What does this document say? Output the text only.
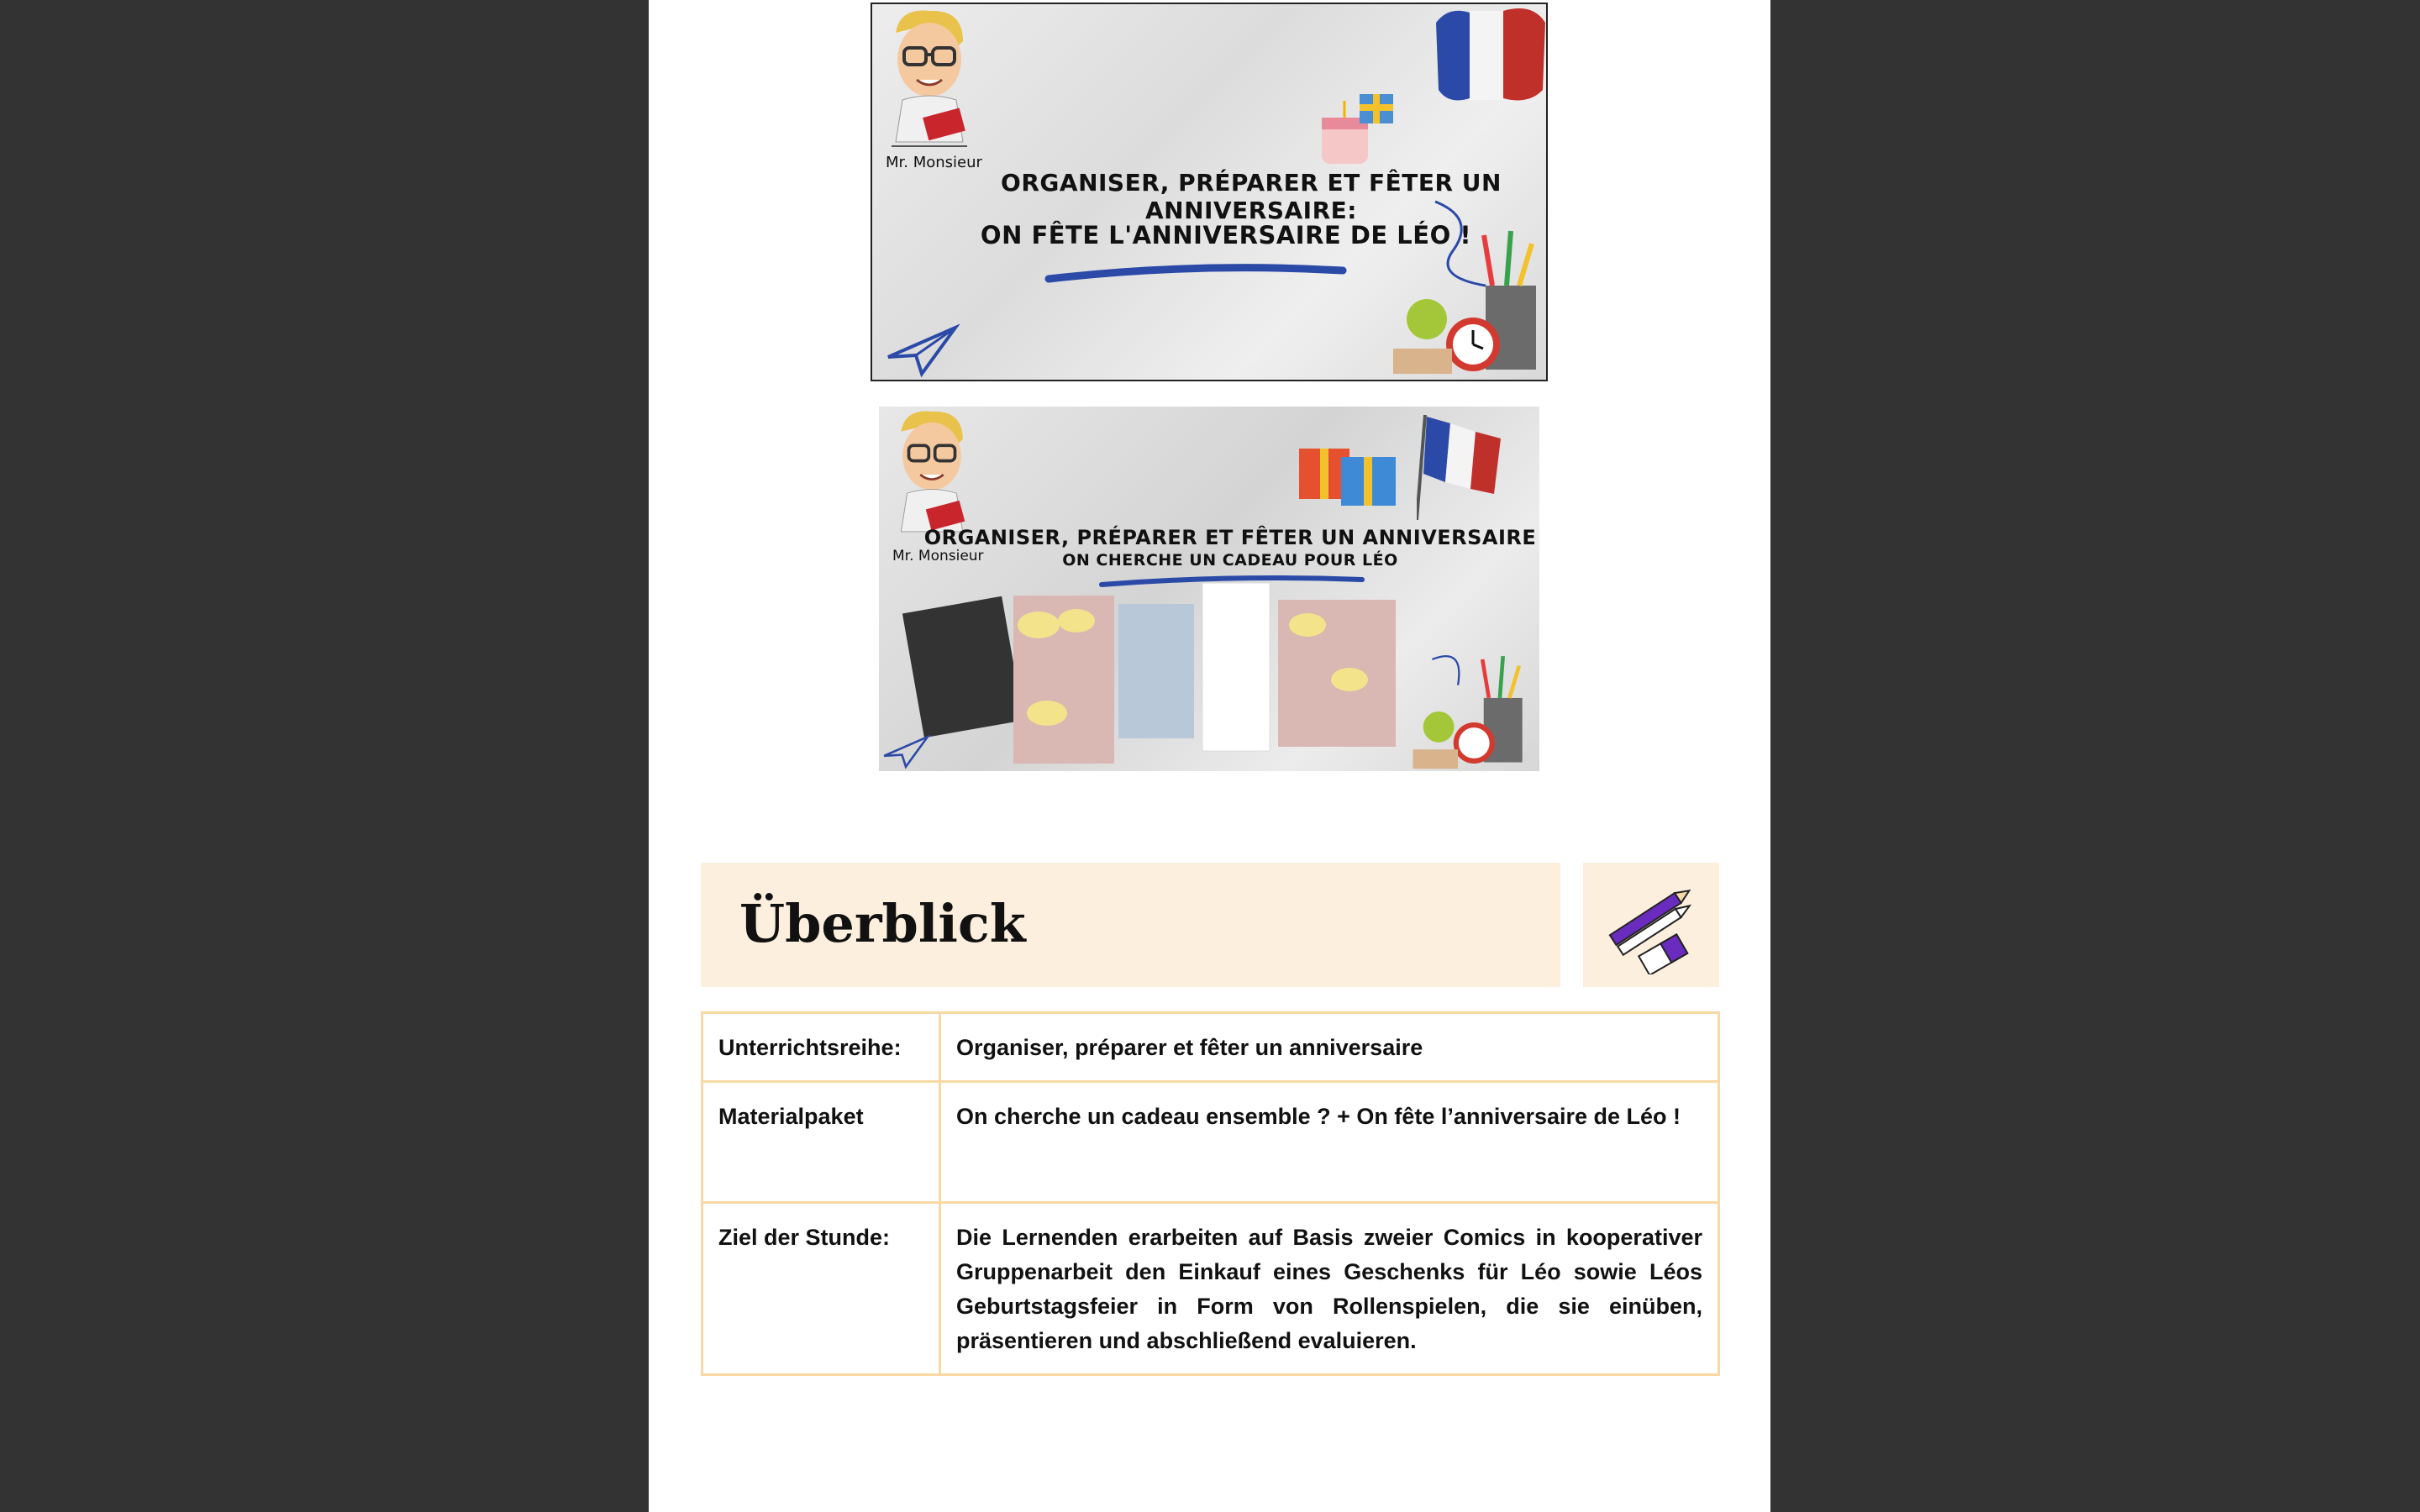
Mr. Monsieur
ORGANISER, PRÉPARER ET FÊTER UN ANNIVERSAIRE:
ON FÊTE L'ANNIVERSAIRE DE LÉO !
Mr. Monsieur
ORGANISER, PRÉPARER ET FÊTER UN ANNIVERSAIRE
ON CHERCHE UN CADEAU POUR LÉO
Überblick
Unterrichtsreihe:	Organiser, préparer et fêter un anniversaire
Materialpaket	On cherche un cadeau ensemble ? + On fête l’anniversaire de Léo !
Ziel der Stunde:	Die Lernenden erarbeiten auf Basis zweier Comics in kooperativer Gruppenarbeit den Einkauf eines Geschenks für Léo sowie Léos Geburtstagsfeier in Form von Rollenspielen, die sie einüben, präsentieren und abschließend evaluieren.
